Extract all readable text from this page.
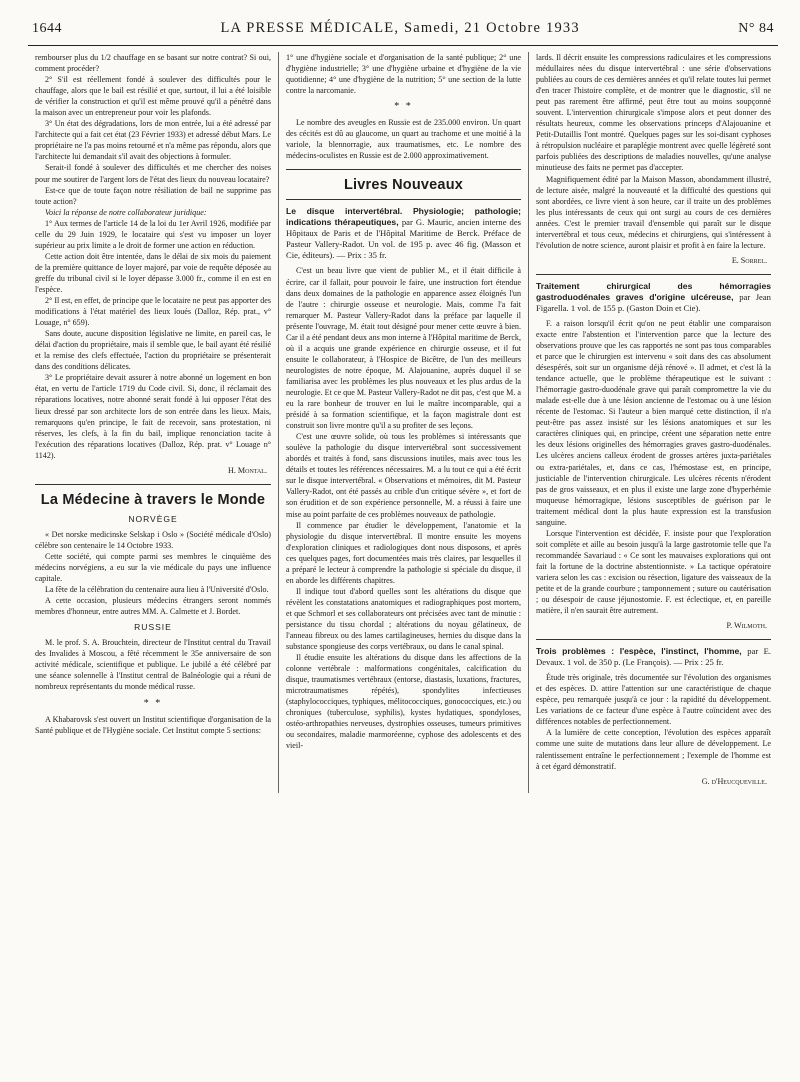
1644	LA PRESSE MÉDICALE, Samedi, 21 Octobre 1933	N° 84

rembourser plus du 1/2 chauffage en se basant sur notre contrat? Si oui, comment procéder?

2° S'il est réellement fondé à soulever des difficultés pour le chauffage, alors que le bail est résilié et que, surtout, il lui a été loisible de vérifier la construction et qu'il est même prouvé qu'il a pénétré dans la maison avec un entrepreneur pour voir les plafonds.

3° Un état des dégradations, lors de mon entrée, lui a été adressé par l'architecte qui a fait cet état (23 Février 1933) et adressé début Mars. Le propriétaire ne l'a pas moins retourné et n'a même pas répondu, alors que l'architecte lui demandait s'il avait des objections à formuler.

Serait-il fondé à soulever des difficultés et me chercher des noises pour me soutirer de l'argent lors de l'état des lieux du nouveau locataire?

Est-ce que de toute façon notre résiliation de bail ne supprime pas toute action?

Voici la réponse de notre collaborateur juridique:

1° Aux termes de l'article 14 de la loi du 1er Avril 1926, modifiée par celle du 29 Juin 1929, le locataire qui s'est vu imposer un loyer supérieur au prix limite a le droit de former une action en réduction.

Cette action doit être intentée, dans le délai de six mois du paiement de la première quittance de loyer majoré, par voie de requête déposée au greffe du tribunal civil si le loyer dépasse 3.000 fr., comme il en est en l'espèce.

2° Il est, en effet, de principe que le locataire ne peut pas apporter des modifications à l'état matériel des lieux loués (Dalloz, Rép. prat., v° Louage, n° 659).

Sans doute, aucune disposition législative ne limite, en pareil cas, le délai d'action du propriétaire, mais il semble que, le bail ayant été résilié et la remise des clefs effectuée, l'action du propriétaire se présenterait dans des conditions délicates.

3° Le propriétaire devait assurer à notre abonné un logement en bon état, en vertu de l'article 1719 du Code civil. Si, donc, il réclamait des réparations locatives, notre abonné serait fondé à lui opposer l'état des lieux dressé par son architecte lors de son entrée dans les lieux. Mais, remarquons qu'en principe, le fait de recevoir, sans protestation, ni réserves, les clefs, à la fin du bail, implique renonciation tacite à l'exécution des réparations locatives (Dalloz, Rép. prat. v° Louage n° 1142).

H. Montal.
La Médecine à travers le Monde
NORVÈGE

« Det norske medicinske Selskap i Oslo » (Société médicale d'Oslo) célèbre son centenaire le 14 Octobre 1933.

Cette société, qui compte parmi ses membres le cinquième des médecins norvégiens, a eu sur la vie médicale du pays une influence capitale.

La fête de la célébration du centenaire aura lieu à l'Université d'Oslo.

A cette occasion, plusieurs médecins étrangers seront nommés membres d'honneur, entre autres MM. A. Calmette et J. Bordet.

RUSSIE

M. le prof. S. A. Brouchtein, directeur de l'Institut central du Travail des Invalides à Moscou, a fêté récemment le 35e anniversaire de son activité médicale, scientifique et publique. Le jubilé a été célébré par une séance solennelle à l'Institut central de Balnéologie qui a réuni de nombreux représentants du monde médical russe.

* *

A Khabarovsk s'est ouvert un Institut scientifique d'organisation de la Santé publique et de l'Hygiène sociale. Cet Institut compte 5 sections:

1° une d'hygiène sociale et d'organisation de la santé publique; 2° une d'hygiène industrielle; 3° une d'hygiène urbaine et d'hygiène de la vie quotidienne; 4° une d'hygiène de la nutrition; 5° une section de la lutte contre la narcomanie.

* *

Le nombre des aveugles en Russie est de 235.000 environ. Un quart des cécités est dû au glaucome, un quart au trachome et une moitié à la variole, la blennorragie, aux traumatismes, etc. Le nombre des médecins-oculistes en Russie est de 2.000 approximativement.

Livres Nouveaux
Le disque intervertébral. Physiologie; pathologie; indications thérapeutiques, par G. Mauric, ancien interne des Hôpitaux de Paris et de l'Hôpital Maritime de Berck. Préface de Pasteur Vallery-Radot. Un vol. de 195 p. avec 46 fig. (Masson et Cie, éditeurs). — Prix : 35 fr.

C'est un beau livre que vient de publier M., et il était difficile à écrire, car il fallait, pour pouvoir le faire, une instruction fort étendue dans deux domaines de la pathologie en apparence assez éloignés l'un de l'autre : chirurgie osseuse et neurologie. Mais, comme l'a fait remarquer M. Pasteur Vallery-Radot dans la préface par laquelle il présente l'ouvrage, M. était tout désigné pour mener cette œuvre à bien. Car il a été pendant deux ans mon interne à l'Hôpital maritime de Berck, où il a acquis une grande expérience en chirurgie osseuse, et il fut ensuite le collaborateur, à l'Hospice de Bicêtre, de l'un des meilleurs neurologistes de notre époque, M. Alajouanine, auprès duquel il se familiarisa avec les problèmes les plus nouveaux et les plus ardus de la neurologie. Et ce que M. Pasteur Vallery-Radot ne dit pas, c'est que M. a eu la rare bonheur de trouver en lui le maître incomparable, qui a présidé à sa formation scientifique, et la façon magistrale dont est construit son livre montre qu'il a su profiter de ses leçons.

C'est une œuvre solide, où tous les problèmes si intéressants que soulève la pathologie du disque intervertébral sont successivement abordés et traités à fond, sans discussions inutiles, mais avec tous les détails et toutes les références nécessaires. M. a lu tout ce qui a été écrit sur le disque intervertébral. « Observations et mémoires, dit M. Pasteur Vallery-Radot, ont été passés au crible d'un critique sévère », et fort de son érudition et de son expérience personnelle, M. a réussi à faire une mise au point parfaite de ces problèmes nouveaux de pathologie.

Il commence par étudier le développement, l'anatomie et la physiologie du disque intervertébral. Il montre ensuite les moyens d'exploration cliniques et radiologiques dont nous disposons, et après ces quelques pages, fort documentées mais très claires, par lesquelles il a préparé le lecteur à comprendre la pathologie si spéciale du disque, il en aborde les différents chapitres.

Il indique tout d'abord quelles sont les altérations du disque que révèlent les constatations anatomiques et radiographiques post mortem, et que Schmorl et ses collaborateurs ont précisées avec tant de minutie : persistance du tissu chordal ; altérations du noyau gélatineux, de l'anneau fibreux ou des lames cartilagineuses, hernies du disque dans la substance spongieuse des corps vertébraux, ou dans le canal spinal.

Il étudie ensuite les altérations du disque dans les affections de la colonne vertébrale : malformations congénitales, calcification du disque, traumatismes vertébraux (entorse, diastasis, luxations, fractures, microtraumatismes répétés), spondylites infectieuses (staphylococciques, typhiques, mélitococciques, gonococciques, etc.) ou chroniques (tuberculose, syphilis), kystes hydatiques, spondyloses, ostéo-arthropathies nerveuses, dystrophies osseuses, tumeurs primitives ou secondaires, maladie marmoréenne, cyphose des adolescents et des vieil-

lards. Il décrit ensuite les compressions radiculaires et les compressions médullaires nées du disque intervertébral : une série d'observations publiées au cours de ces dernières années et qu'il relate toutes lui permet d'en tracer l'histoire complète, et de montrer que le diagnostic, s'il ne peut pas rarement être affirmé, peut être tout au moins soupçonné souvent. L'intervention chirurgicale s'impose alors et peut donner des résultats heureux, comme les observations princeps d'Alajouanine et Petit-Dutaillis l'ont montré. Quelques pages sur les soi-disant cyphoses à rétropulsion nucléaire et paraplégie montrent avec quelle légèreté sont parfois publiées des descriptions de maladies nouvelles, qu'une analyse minutieuse des faits ne permet pas d'accepter.

Magnifiquement édité par la Maison Masson, abondamment illustré, de lecture aisée, malgré la nouveauté et la difficulté des questions qui sont abordées, ce livre vient à son heure, car il traite un des problèmes les plus intéressants de ceux qui ont surgi au cours de ces dernières années. C'est le premier travail d'ensemble qui paraît sur le disque intervertébral et tous ceux, médecins et chirurgiens, qui s'intéressent à l'évolution de notre science, auront plaisir et profit à en faire la lecture.

E. Sorrel.
Traitement chirurgical des hémorragies gastroduodénales graves d'origine ulcéreuse, par Jean Figarella. 1 vol. de 155 p. (Gaston Doin et Cie).

F. a raison lorsqu'il écrit qu'on ne peut établir une comparaison exacte entre l'abstention et l'intervention parce que la lecture des observations prouve que les cas rapportés ne sont pas tous comparables et parce que le chirurgien est intervenu « soit dans des cas absolument désespérés, soit sur un organisme déjà rénové ». Il admet, et c'est là la tendance actuelle, que le problème thérapeutique est le suivant : l'hémorragie gastro-duodénale grave qui paraît compromettre la vie du malade est-elle due à une lésion ancienne de l'estomac ou à une lésion récente de l'estomac. Si l'auteur a bien marqué cette distinction, il n'a peut-être pas assez insisté sur les lésions anatomiques et sur les caractères cliniques qui, en principe, créent une séparation nette entre les deux lésions originelles des hémorragies graves gastro-duodénales. Les ulcères anciens calleux érodent de grosses artères juxta-pariétales ou extra-pariétales, et, dans ce cas, l'hémostase est, en principe, justiciable de l'intervention chirurgicale. Les ulcères récents n'érodent pas de gros vaisseaux, et en plus il existe une large zone d'hyperhémie muqueuse hémorragique, lésions susceptibles de guérison par le traitement médical dont la plus haute expression est la transfusion sanguine.

Lorsque l'intervention est décidée, F. insiste pour que l'exploration soit complète et aille au besoin jusqu'à la large gastrotomie telle que l'a recommandée Savariaud : « Ce sont les mauvaises explorations qui ont fait la fortune de la doctrine abstentionniste. » La tactique opératoire variera selon les cas : excision ou résection, ligature des vaisseaux de la petite et de la grande courbure ; tamponnement ; suture ou cautérisation ; ou désespoir de cause jéjunostomie. F. est éclectique, et, en pareille matière, il n'en saurait être autrement.

P. Wilmoth.
Trois problèmes : l'espèce, l'instinct, l'homme, par E. Devaux. 1 vol. de 350 p. (Le François). — Prix : 25 fr.

Étude très originale, très documentée sur l'évolution des organismes et des espèces. D. attire l'attention sur une caractéristique de chaque espèce, peu remarquée jusqu'à ce jour : la rapidité du développement. Les variations de ce facteur d'une espèce à l'autre coïncident avec des différences notables de perfectionnement.

A la lumière de cette conception, l'évolution des espèces apparaît comme une suite de mutations dans leur allure de développement. Le ralentissement entraîne le perfectionnement ; l'exemple de l'homme est à cet égard démonstratif.

G. d'Heucqueville.
